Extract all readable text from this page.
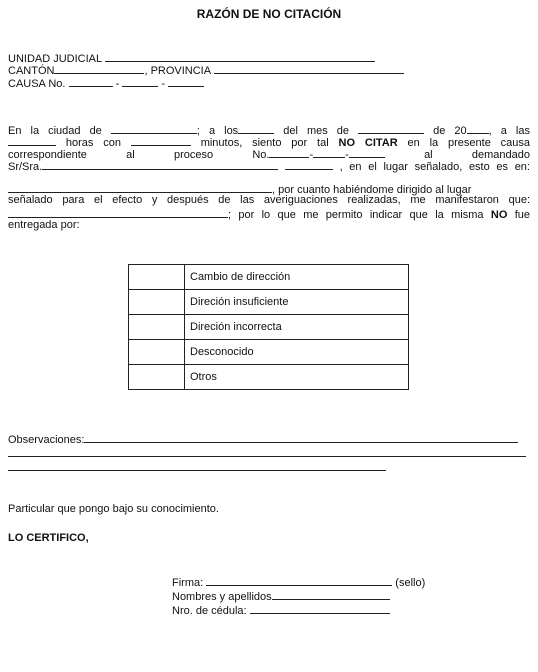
RAZÓN DE NO CITACIÓN
UNIDAD JUDICIAL
CANTÓN	, PROVINCIA
CAUSA No.	-	-
En la ciudad de	; a los	del mes de	de 20 , a las
horas con	minutos, siento por tal NO CITAR en la presente causa
correspondiente	al	proceso	No.	-	-	al	demandado
Sr/Sra.	, en el lugar señalado, esto es en:
, por cuanto habiéndome dirigido al lugar
señalado para el efecto y después de las averiguaciones realizadas, me manifestaron que:
; por lo que me permito indicar que la misma NO fue
entregada por:
	Cambio de dirección
	Direción insuficiente
	Direción incorrecta
	Desconocido
	Otros
Observaciones:
Particular que pongo bajo su conocimiento.
LO CERTIFICO,
Firma:	(sello)
Nombres y apellidos
Nro. de cédula:
